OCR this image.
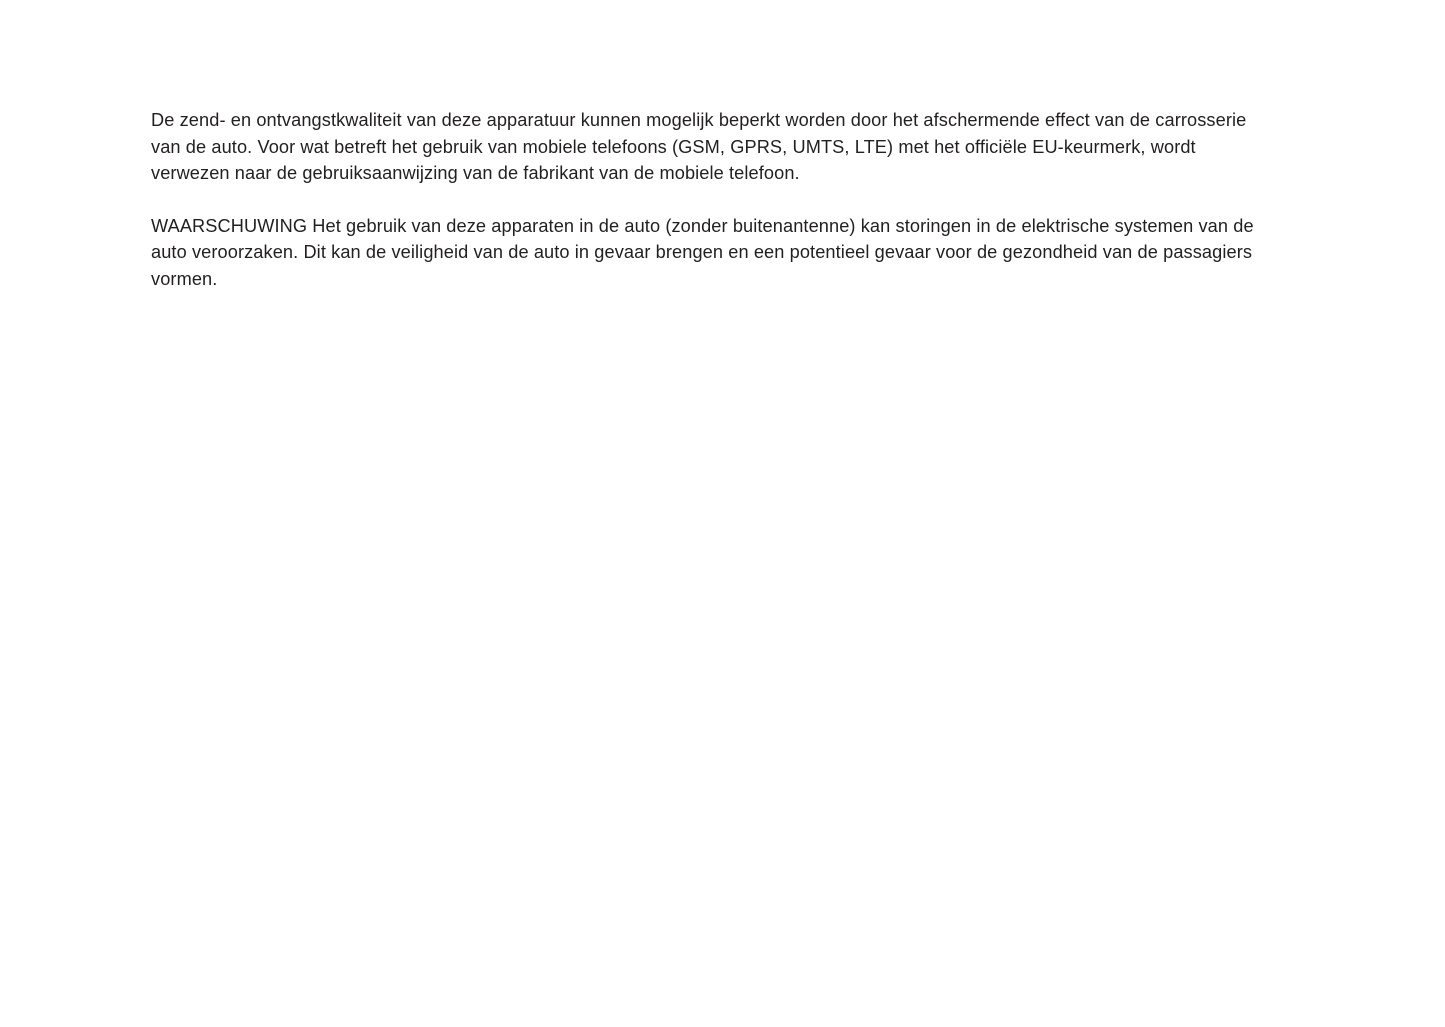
De zend- en ontvangstkwaliteit van deze apparatuur kunnen mogelijk beperkt worden door het afschermende effect van de carrosserie van de auto. Voor wat betreft het gebruik van mobiele telefoons (GSM, GPRS, UMTS, LTE) met het officiële EU-keurmerk, wordt verwezen naar de gebruiksaanwijzing van de fabrikant van de mobiele telefoon.

WAARSCHUWING Het gebruik van deze apparaten in de auto (zonder buitenantenne) kan storingen in de elektrische systemen van de auto veroorzaken. Dit kan de veiligheid van de auto in gevaar brengen en een potentieel gevaar voor de gezondheid van de passagiers vormen.
